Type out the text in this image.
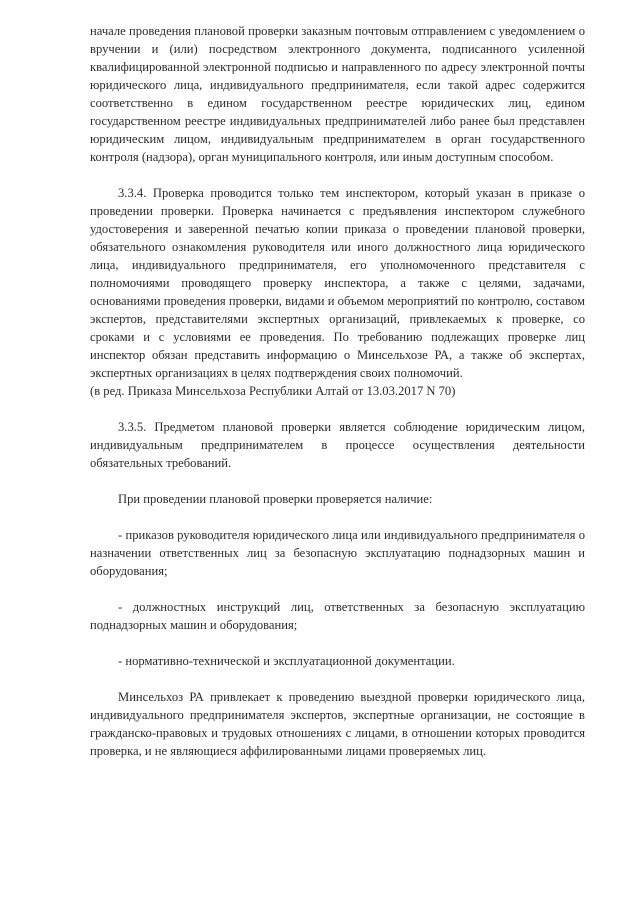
начале проведения плановой проверки заказным почтовым отправлением с уведомлением о вручении и (или) посредством электронного документа, подписанного усиленной квалифицированной электронной подписью и направленного по адресу электронной почты юридического лица, индивидуального предпринимателя, если такой адрес содержится соответственно в едином государственном реестре юридических лиц, едином государственном реестре индивидуальных предпринимателей либо ранее был представлен юридическим лицом, индивидуальным предпринимателем в орган государственного контроля (надзора), орган муниципального контроля, или иным доступным способом.

3.3.4. Проверка проводится только тем инспектором, который указан в приказе о проведении проверки. Проверка начинается с предъявления инспектором служебного удостоверения и заверенной печатью копии приказа о проведении плановой проверки, обязательного ознакомления руководителя или иного должностного лица юридического лица, индивидуального предпринимателя, его уполномоченного представителя с полномочиями проводящего проверку инспектора, а также с целями, задачами, основаниями проведения проверки, видами и объемом мероприятий по контролю, составом экспертов, представителями экспертных организаций, привлекаемых к проверке, со сроками и с условиями ее проведения. По требованию подлежащих проверке лиц инспектор обязан представить информацию о Минсельхозе РА, а также об экспертах, экспертных организациях в целях подтверждения своих полномочий.

(в ред. Приказа Минсельхоза Республики Алтай от 13.03.2017 N 70)

3.3.5. Предметом плановой проверки является соблюдение юридическим лицом, индивидуальным предпринимателем в процессе осуществления деятельности обязательных требований.

При проведении плановой проверки проверяется наличие:

- приказов руководителя юридического лица или индивидуального предпринимателя о назначении ответственных лиц за безопасную эксплуатацию поднадзорных машин и оборудования;

- должностных инструкций лиц, ответственных за безопасную эксплуатацию поднадзорных машин и оборудования;

- нормативно-технической и эксплуатационной документации.

Минсельхоз РА привлекает к проведению выездной проверки юридического лица, индивидуального предпринимателя экспертов, экспертные организации, не состоящие в гражданско-правовых и трудовых отношениях с лицами, в отношении которых проводится проверка, и не являющиеся аффилированными лицами проверяемых лиц.
